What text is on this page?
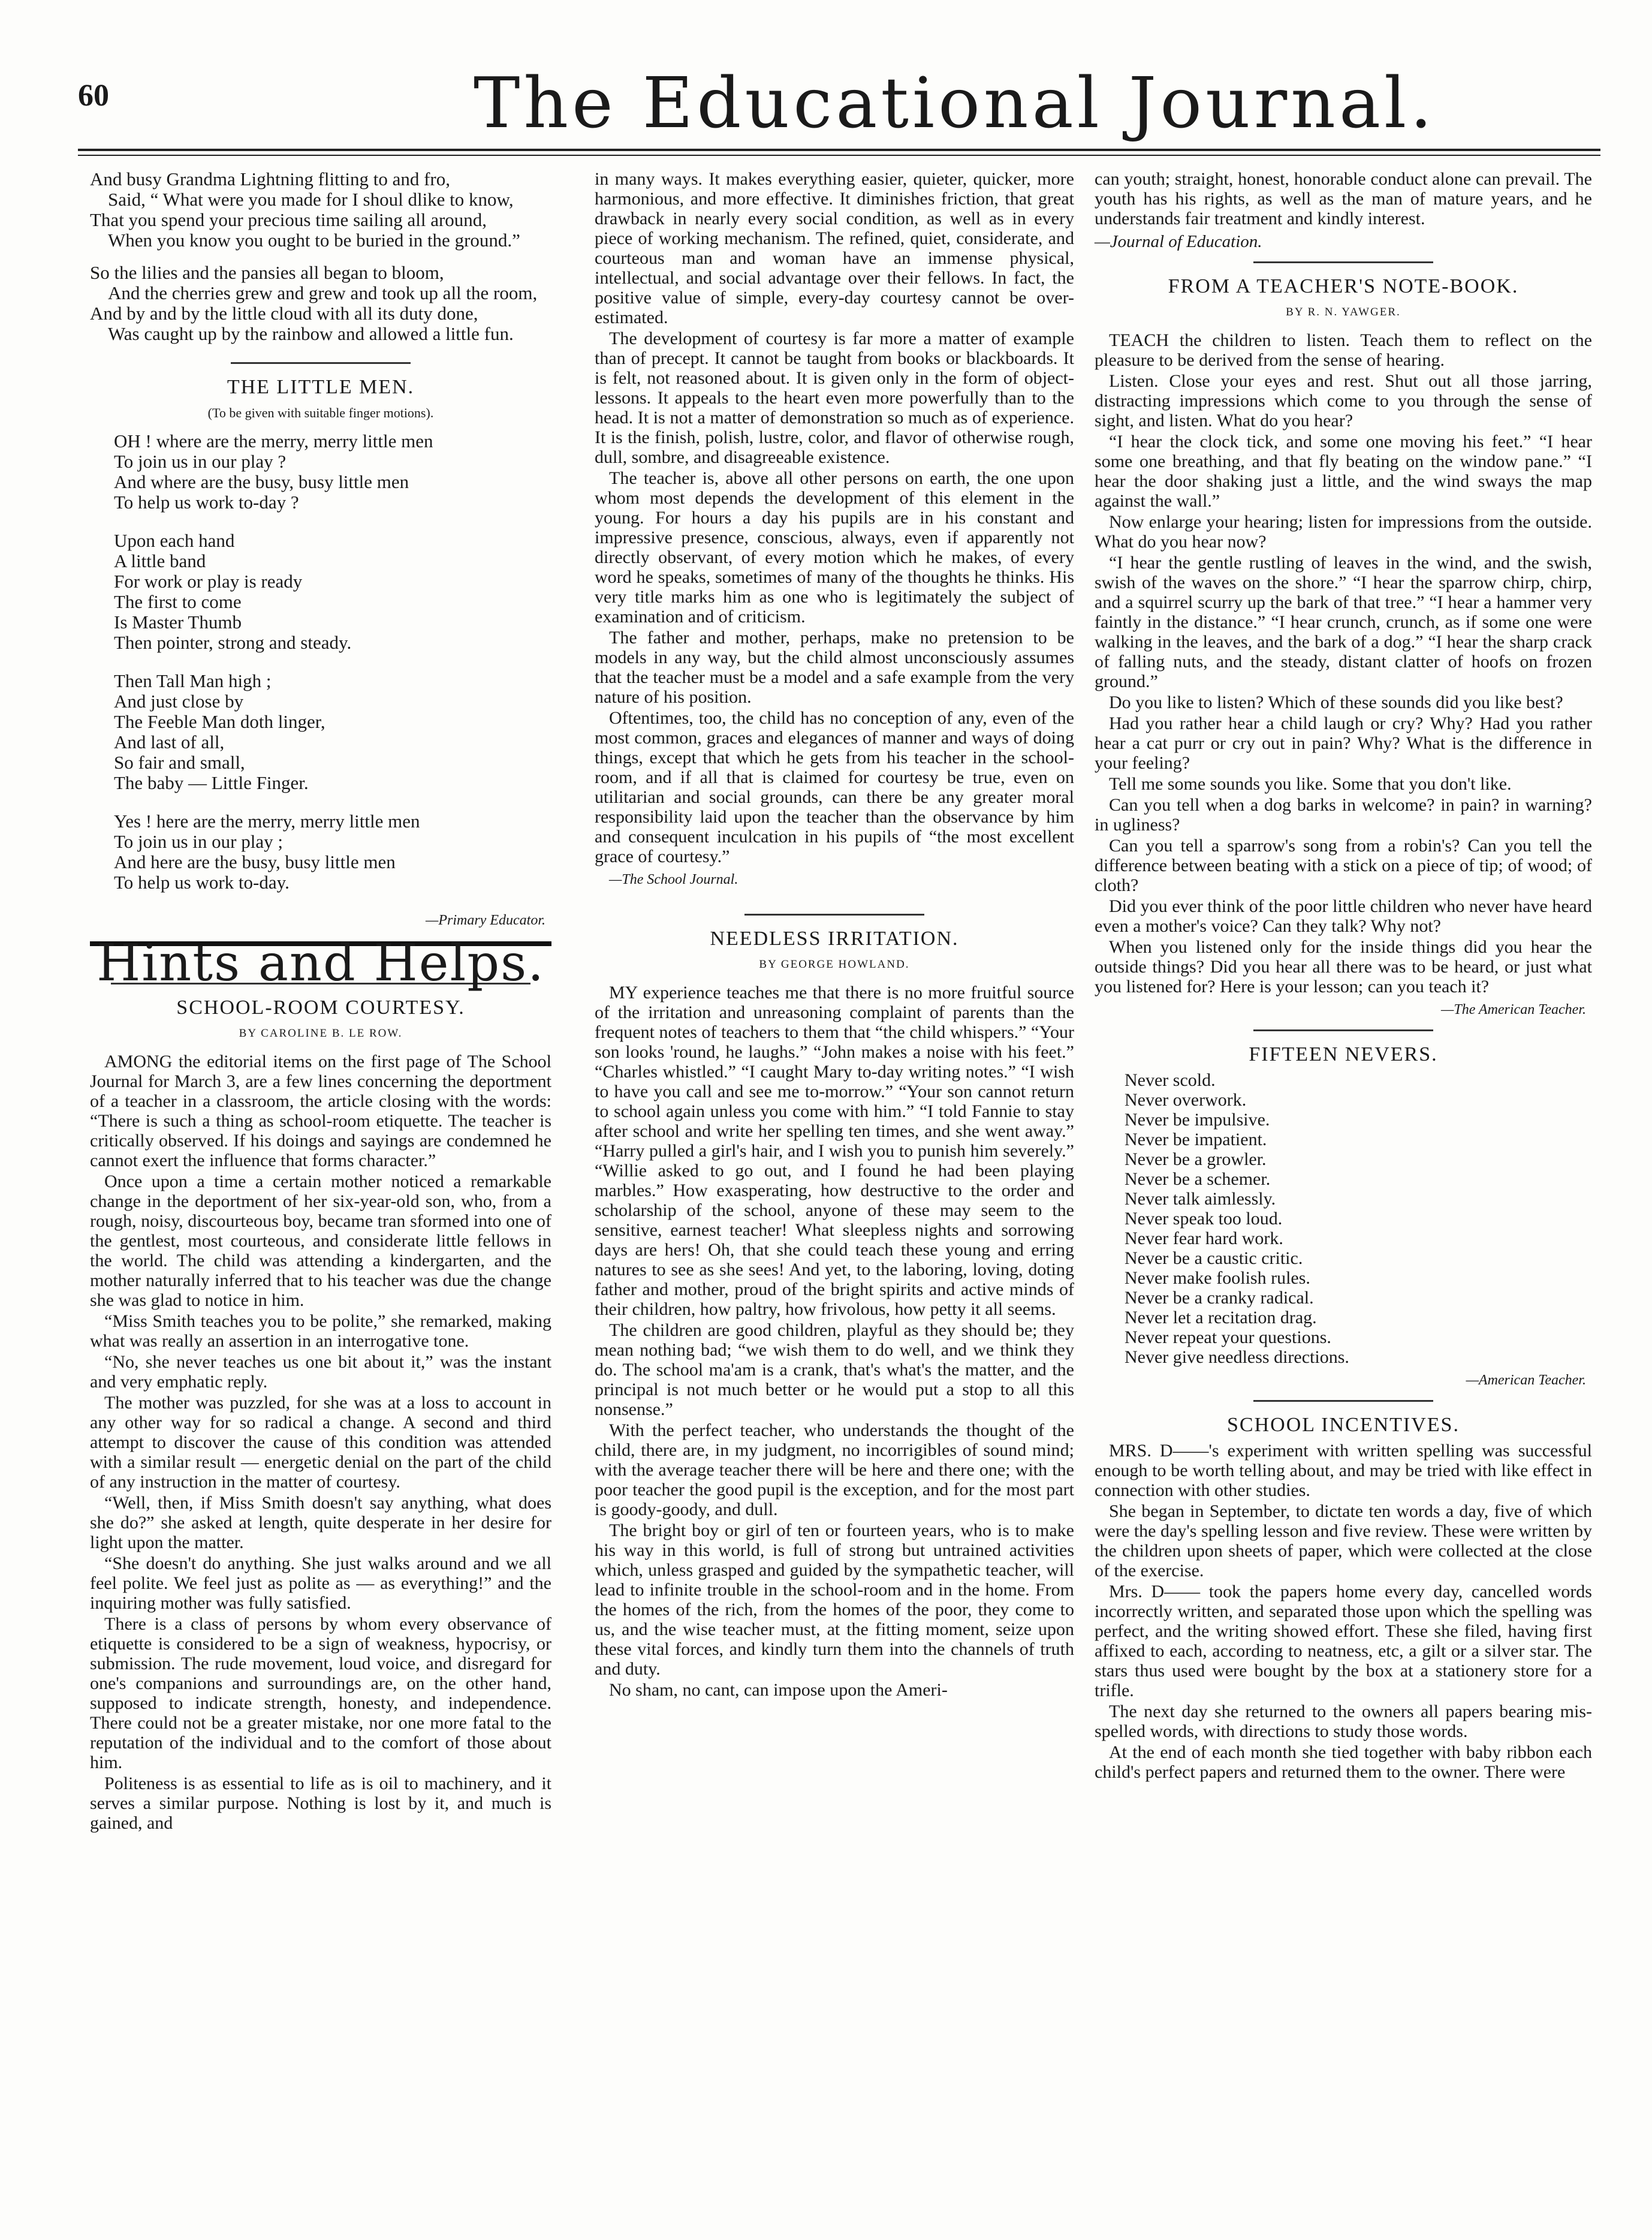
60	The Educational Journal.
And busy Grandma Lightning flitting to and fro,
Said, “ What were you made for I shoul dlike to know,
That you spend your precious time sailing all around,
When you know you ought to be buried in the ground.”
So the lilies and the pansies all began to bloom,
And the cherries grew and grew and took up all the room,
And by and by the little cloud with all its duty done,
Was caught up by the rainbow and allowed a little fun.
THE LITTLE MEN.
(To be given with suitable finger motions).
OH ! where are the merry, merry little men
To join us in our play ?
And where are the busy, busy little men
To help us work to-day ?
Upon each hand
A little band
For work or play is ready
The first to come
Is Master Thumb
Then pointer, strong and steady.
Then Tall Man high ;
And just close by
The Feeble Man doth linger,
And last of all,
So fair and small,
The baby — Little Finger.
Yes ! here are the merry, merry little men
To join us in our play ;
And here are the busy, busy little men
To help us work to-day.
—Primary Educator.
Hints and Helps.
SCHOOL-ROOM COURTESY.
BY CAROLINE B. LE ROW.

AMONG the editorial items on the first page of The School Journal for March 3, are a few lines concerning the deportment of a teacher in a classroom, the article closing with the words: “There is such a thing as school-room etiquette. The teacher is critically observed. If his doings and sayings are condemned he cannot exert the influence that forms character.”

Once upon a time a certain mother noticed a remarkable change in the deportment of her six-year-old son, who, from a rough, noisy, discourteous boy, became tran sformed into one of the gentlest, most courteous, and considerate little fellows in the world. The child was attending a kindergarten, and the mother naturally inferred that to his teacher was due the change she was glad to notice in him.

“Miss Smith teaches you to be polite,” she remarked, making what was really an assertion in an interrogative tone.

“No, she never teaches us one bit about it,” was the instant and very emphatic reply.

The mother was puzzled, for she was at a loss to account in any other way for so radical a change. A second and third attempt to discover the cause of this condition was attended with a similar result — energetic denial on the part of the child of any instruction in the matter of courtesy.

“Well, then, if Miss Smith doesn't say anything, what does she do?” she asked at length, quite desperate in her desire for light upon the matter.

“She doesn't do anything. She just walks around and we all feel polite. We feel just as polite as — as everything!” and the inquiring mother was fully satisfied.

There is a class of persons by whom every observance of etiquette is considered to be a sign of weakness, hypocrisy, or submission. The rude movement, loud voice, and disregard for one's companions and surroundings are, on the other hand, supposed to indicate strength, honesty, and independence. There could not be a greater mistake, nor one more fatal to the reputation of the individual and to the comfort of those about him.

Politeness is as essential to life as is oil to machinery, and it serves a similar purpose. Nothing is lost by it, and much is gained, and

in many ways. It makes everything easier, quieter, quicker, more harmonious, and more effective. It diminishes friction, that great drawback in nearly every social condition, as well as in every piece of working mechanism. The refined, quiet, considerate, and courteous man and woman have an immense physical, intellectual, and social advantage over their fellows. In fact, the positive value of simple, every-day courtesy cannot be over-estimated.

The development of courtesy is far more a matter of example than of precept. It cannot be taught from books or blackboards. It is felt, not reasoned about. It is given only in the form of object-lessons. It appeals to the heart even more powerfully than to the head. It is not a matter of demonstration so much as of experience. It is the finish, polish, lustre, color, and flavor of otherwise rough, dull, sombre, and disagreeable existence.

The teacher is, above all other persons on earth, the one upon whom most depends the development of this element in the young. For hours a day his pupils are in his constant and impressive presence, conscious, always, even if apparently not directly observant, of every motion which he makes, of every word he speaks, sometimes of many of the thoughts he thinks. His very title marks him as one who is legitimately the subject of examination and of criticism.

The father and mother, perhaps, make no pretension to be models in any way, but the child almost unconsciously assumes that the teacher must be a model and a safe example from the very nature of his position.

Oftentimes, too, the child has no conception of any, even of the most common, graces and elegances of manner and ways of doing things, except that which he gets from his teacher in the school-room, and if all that is claimed for courtesy be true, even on utilitarian and social grounds, can there be any greater moral responsibility laid upon the teacher than the observance by him and consequent inculcation in his pupils of “the most excellent grace of courtesy.”

—The School Journal.
NEEDLESS IRRITATION.
BY GEORGE HOWLAND.

MY experience teaches me that there is no more fruitful source of the irritation and unreasoning complaint of parents than the frequent notes of teachers to them that “the child whispers.” “Your son looks 'round, he laughs.” “John makes a noise with his feet.” “Charles whistled.” “I caught Mary to-day writing notes.” “I wish to have you call and see me to-morrow.” “Your son cannot return to school again unless you come with him.” “I told Fannie to stay after school and write her spelling ten times, and she went away.” “Harry pulled a girl's hair, and I wish you to punish him severely.” “Willie asked to go out, and I found he had been playing marbles.” How exasperating, how destructive to the order and scholarship of the school, anyone of these may seem to the sensitive, earnest teacher! What sleepless nights and sorrowing days are hers! Oh, that she could teach these young and erring natures to see as she sees! And yet, to the laboring, loving, doting father and mother, proud of the bright spirits and active minds of their children, how paltry, how frivolous, how petty it all seems.

The children are good children, playful as they should be; they mean nothing bad; “we wish them to do well, and we think they do. The school ma'am is a crank, that's what's the matter, and the principal is not much better or he would put a stop to all this nonsense.”

With the perfect teacher, who understands the thought of the child, there are, in my judgment, no incorrigibles of sound mind; with the average teacher there will be here and there one; with the poor teacher the good pupil is the exception, and for the most part is goody-goody, and dull.

The bright boy or girl of ten or fourteen years, who is to make his way in this world, is full of strong but untrained activities which, unless grasped and guided by the sympathetic teacher, will lead to infinite trouble in the school-room and in the home. From the homes of the rich, from the homes of the poor, they come to us, and the wise teacher must, at the fitting moment, seize upon these vital forces, and kindly turn them into the channels of truth and duty.

No sham, no cant, can impose upon the Ameri-

can youth; straight, honest, honorable conduct alone can prevail. The youth has his rights, as well as the man of mature years, and he understands fair treatment and kindly interest.

—Journal of Education.
FROM A TEACHER'S NOTE-BOOK.
BY R. N. YAWGER.

TEACH the children to listen. Teach them to reflect on the pleasure to be derived from the sense of hearing.

Listen. Close your eyes and rest. Shut out all those jarring, distracting impressions which come to you through the sense of sight, and listen. What do you hear?

“I hear the clock tick, and some one moving his feet.” “I hear some one breathing, and that fly beating on the window pane.” “I hear the door shaking just a little, and the wind sways the map against the wall.”

Now enlarge your hearing; listen for impressions from the outside. What do you hear now?

“I hear the gentle rustling of leaves in the wind, and the swish, swish of the waves on the shore.” “I hear the sparrow chirp, chirp, and a squirrel scurry up the bark of that tree.” “I hear a hammer very faintly in the distance.” “I hear crunch, crunch, as if some one were walking in the leaves, and the bark of a dog.” “I hear the sharp crack of falling nuts, and the steady, distant clatter of hoofs on frozen ground.”

Do you like to listen? Which of these sounds did you like best?

Had you rather hear a child laugh or cry? Why? Had you rather hear a cat purr or cry out in pain? Why? What is the difference in your feeling?

Tell me some sounds you like. Some that you don't like.

Can you tell when a dog barks in welcome? in pain? in warning? in ugliness?

Can you tell a sparrow's song from a robin's? Can you tell the difference between beating with a stick on a piece of tip; of wood; of cloth?

Did you ever think of the poor little children who never have heard even a mother's voice? Can they talk? Why not?

When you listened only for the inside things did you hear the outside things? Did you hear all there was to be heard, or just what you listened for? Here is your lesson; can you teach it?

—The American Teacher.
FIFTEEN NEVERS.
Never scold.
Never overwork.
Never be impulsive.
Never be impatient.
Never be a growler.
Never be a schemer.
Never talk aimlessly.
Never speak too loud.
Never fear hard work.
Never be a caustic critic.
Never make foolish rules.
Never be a cranky radical.
Never let a recitation drag.
Never repeat your questions.
Never give needless directions.
—American Teacher.
SCHOOL INCENTIVES.

MRS. D——'s experiment with written spelling was successful enough to be worth telling about, and may be tried with like effect in connection with other studies.

She began in September, to dictate ten words a day, five of which were the day's spelling lesson and five review. These were written by the children upon sheets of paper, which were collected at the close of the exercise.

Mrs. D—— took the papers home every day, cancelled words incorrectly written, and separated those upon which the spelling was perfect, and the writing showed effort. These she filed, having first affixed to each, according to neatness, etc, a gilt or a silver star. The stars thus used were bought by the box at a stationery store for a trifle.

The next day she returned to the owners all papers bearing mis-spelled words, with directions to study those words.

At the end of each month she tied together with baby ribbon each child's perfect papers and returned them to the owner. There were
